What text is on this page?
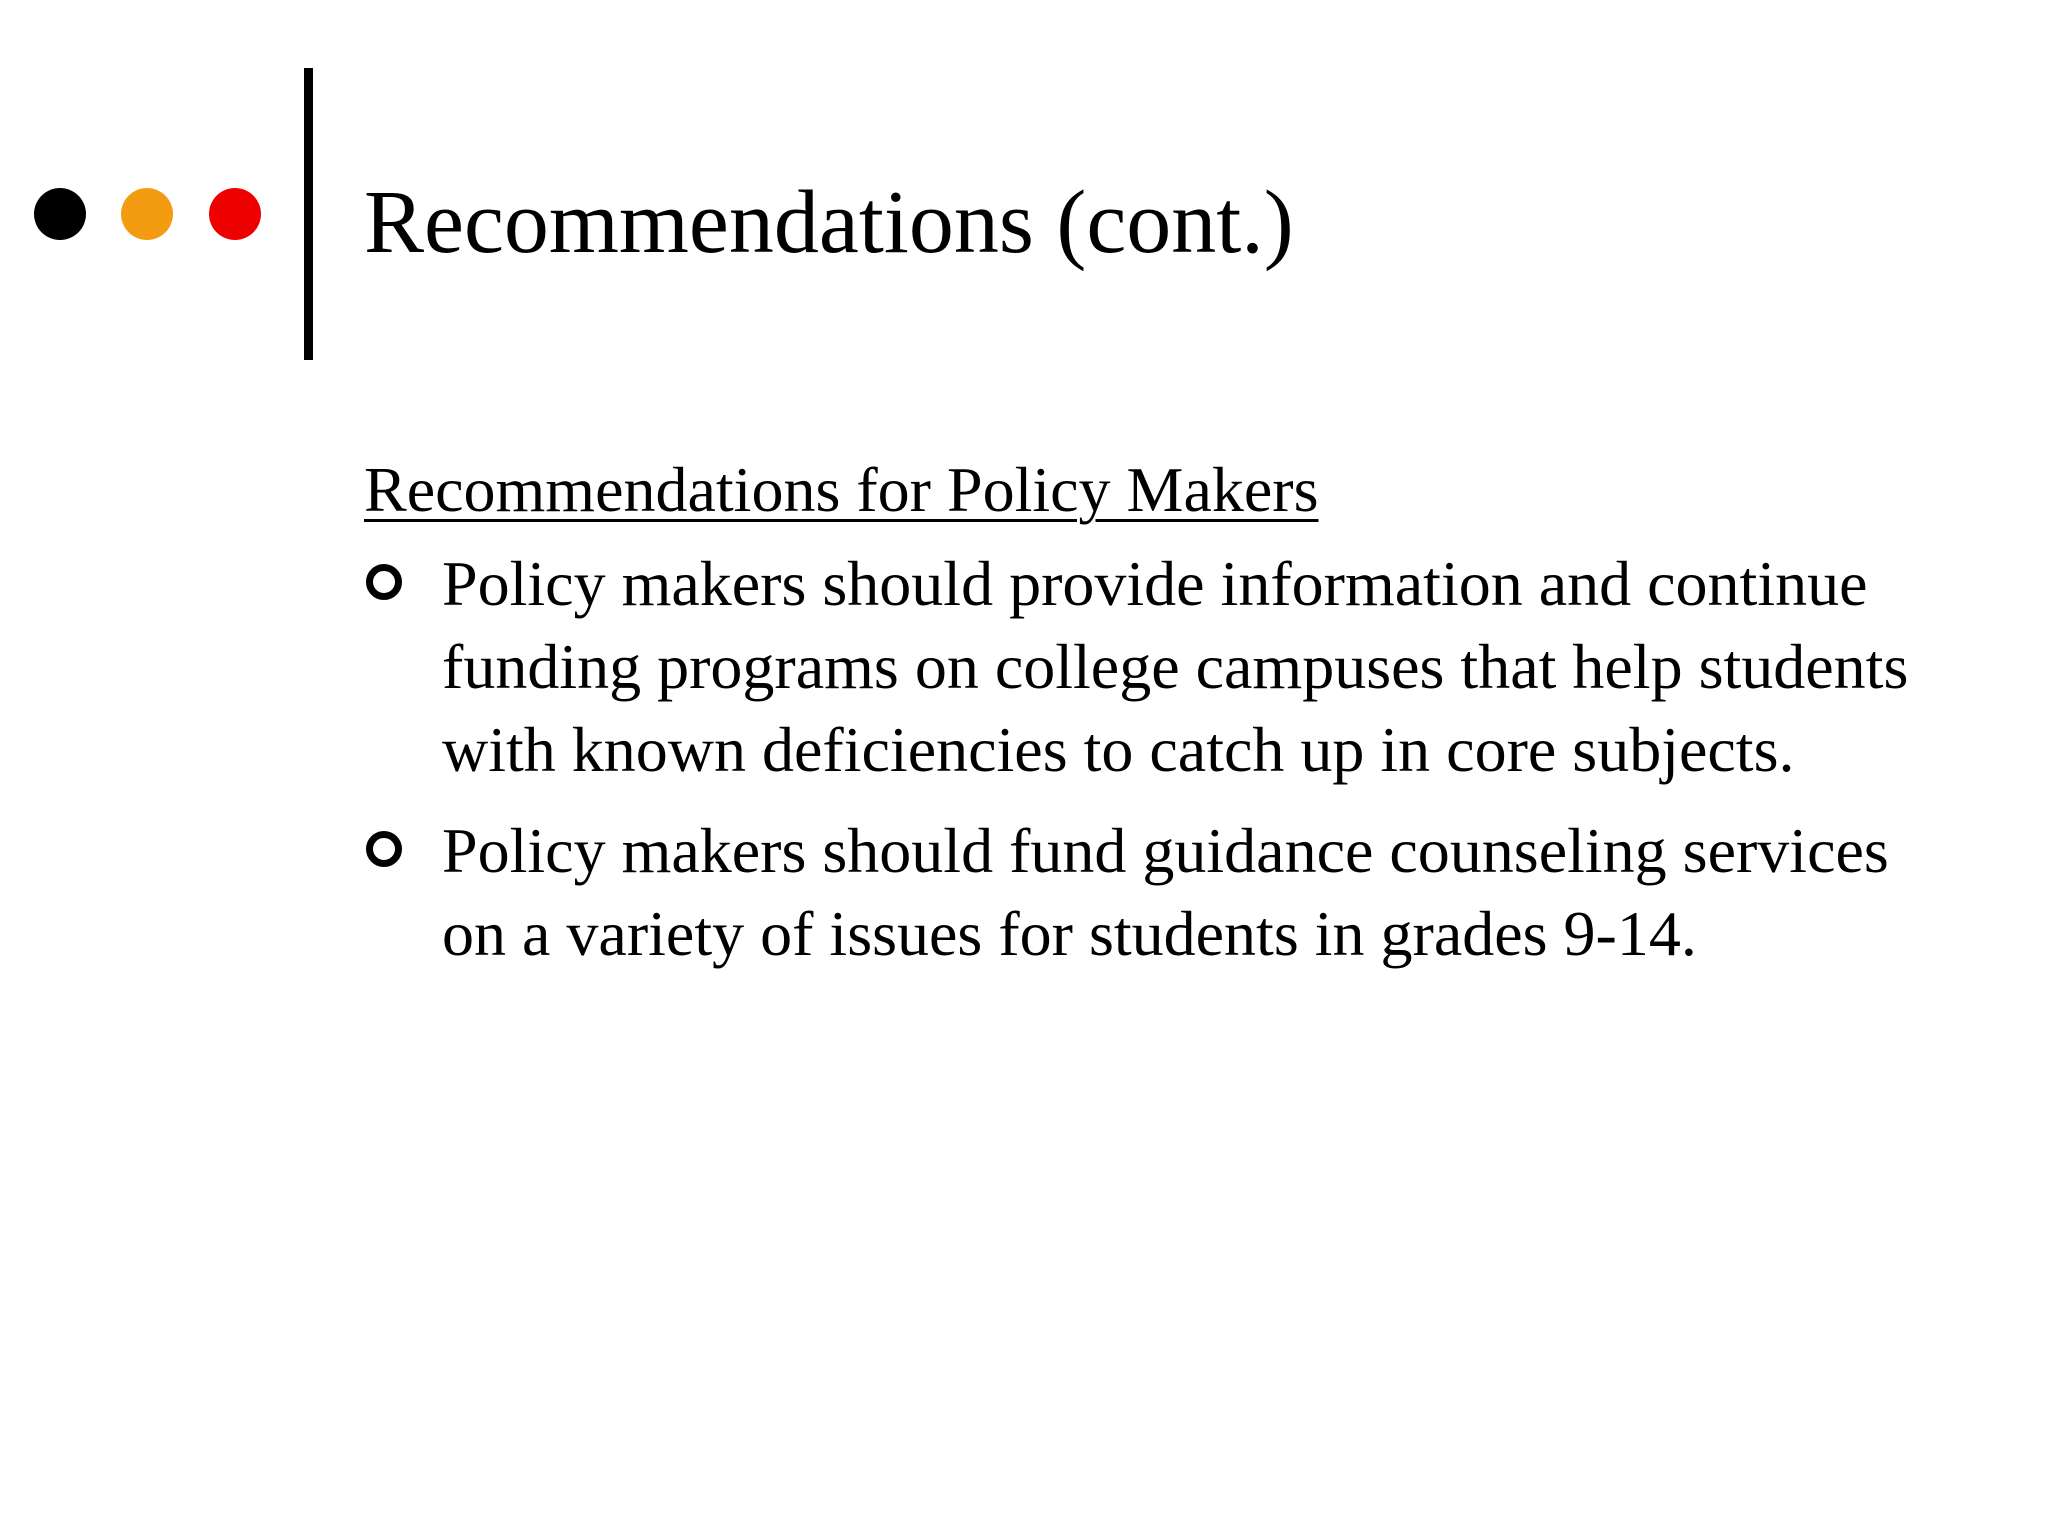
Recommendations (cont.)
Recommendations for Policy Makers
Policy makers should provide information and continue funding programs on college campuses that help students with known deficiencies to catch up in core subjects.
Policy makers should fund guidance counseling services on a variety of issues for students in grades 9-14.
